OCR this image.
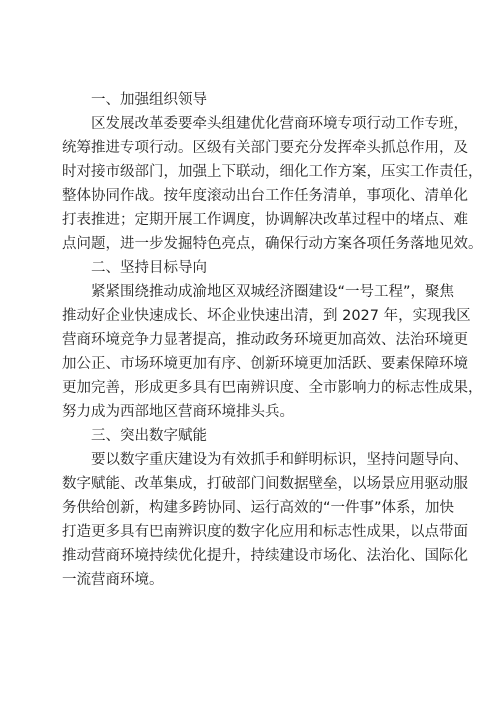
一、加强组织领导

区发展改革委要牵头组建优化营商环境专项行动工作专班，
统筹推进专项行动。区级有关部门要充分发挥牵头抓总作用，及
时对接市级部门，加强上下联动，细化工作方案，压实工作责任，
整体协同作战。按年度滚动出台工作任务清单，事项化、清单化
打表推进；定期开展工作调度，协调解决改革过程中的堵点、难
点问题，进一步发掘特色亮点，确保行动方案各项任务落地见效。

二、坚持目标导向

紧紧围绕推动成渝地区双城经济圈建设“一号工程”，聚焦
推动好企业快速成长、坏企业快速出清，到 2027 年，实现我区
营商环境竞争力显著提高，推动政务环境更加高效、法治环境更
加公正、市场环境更加有序、创新环境更加活跃、要素保障环境
更加完善，形成更多具有巴南辨识度、全市影响力的标志性成果，
努力成为西部地区营商环境排头兵。

三、突出数字赋能

要以数字重庆建设为有效抓手和鲜明标识，坚持问题导向、
数字赋能、改革集成，打破部门间数据壁垒，以场景应用驱动服
务供给创新，构建多跨协同、运行高效的“一件事”体系，加快
打造更多具有巴南辨识度的数字化应用和标志性成果，以点带面
推动营商环境持续优化提升，持续建设市场化、法治化、国际化
一流营商环境。
